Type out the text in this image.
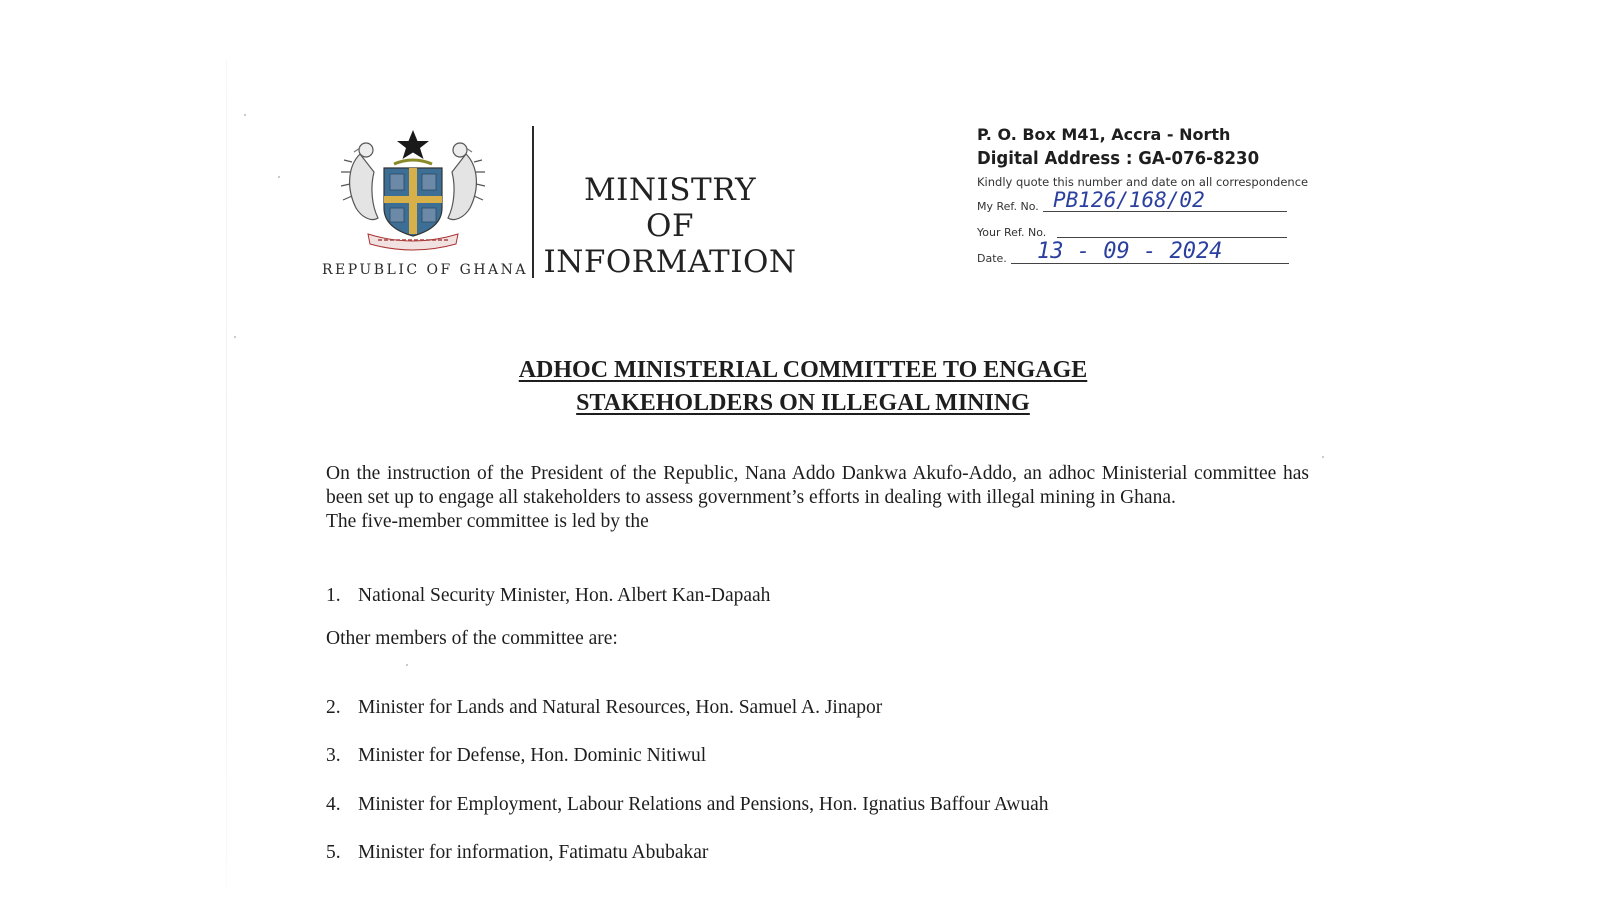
REPUBLIC OF GHANA
MINISTRY
OF
INFORMATION
P. O. Box M41, Accra - North
Digital Address : GA-076-8230
Kindly quote this number and date on all correspondence
My Ref. No. PB126/168/02
Your Ref. No.
Date. 13 - 09 - 2024
ADHOC MINISTERIAL COMMITTEE TO ENGAGE
STAKEHOLDERS ON ILLEGAL MINING
On the instruction of the President of the Republic, Nana Addo Dankwa Akufo-Addo, an adhoc Ministerial committee has been set up to engage all stakeholders to assess government’s efforts in dealing with illegal mining in Ghana.
The five-member committee is led by the
1. National Security Minister, Hon. Albert Kan-Dapaah
Other members of the committee are:
2. Minister for Lands and Natural Resources, Hon. Samuel A. Jinapor
3. Minister for Defense, Hon. Dominic Nitiwul
4. Minister for Employment, Labour Relations and Pensions, Hon. Ignatius Baffour Awuah
5. Minister for information, Fatimatu Abubakar
